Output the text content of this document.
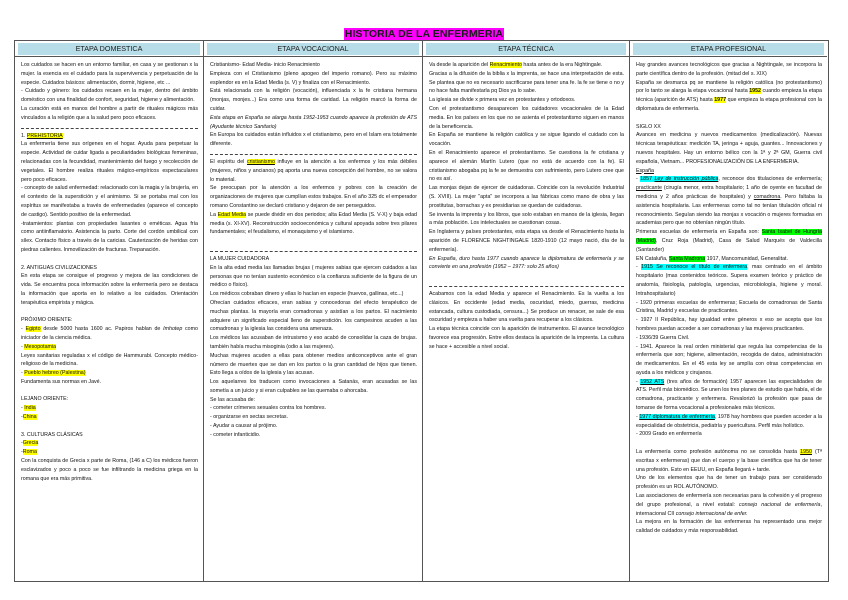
HISTORIA DE LA ENFERMERIA
ETAPA DOMESTICA
Los cuidados se hacen en un entorno familiar, en casa y se gestionan x la mujer. la esencia es el cuidado para la supervivencia y perpetuación de la especie. Cuidados básicos: alimentación, dormir, higiene, etc ...
- Cuidado y género: los cuidados recaen en la mujer, dentro del ámbito doméstico con una finalidad de confort, seguridad, higiene y alimentación.
La curación está en manos del hombre a partir de rituales mágicos más vinculados a la religión que a la salud pero poco eficaces.
1. PREHISTORIA
La enfermería tiene sus orígenes en el hogar. Ayuda para perpetuar la especie. Actividad de cuidar ligada a peculiaridades biológicas femeninas, relacionadas con la fecundidad, mantenimiento del fuego y recolección de vegetales. El hombre realiza rituales mágico-empíricos espectaculares pero poco eficaces.
- concepto de salud enfermedad: relacionado con la magia y la brujería, en el contexto de la superstición y el animismo. Si se portaba mal con los espíritus se manifestaba a través de enfermedades (aparece el concepto de castigo). Sentido positivo de la enfermedad.
-tratamientos: plantas con propiedades laxantes o eméticas. Agua fría como antiinflamatorio. Asistencia la parto. Corte del cordón umbilical con sílex. Contacto físico a través de la caricias. Cauterización de heridas con piedras calientes. Inmovilización de fracturas. Trepanación.
2. ANTIGUAS CIVILIZACIONES
En esta etapa se consigue el progreso y mejora de las condiciones de vida. Se encuentra poca información sobre la enfermería pero se destaca la información que aporta en lo relativo a los cuidados. Orientación terapéutica empirista y mágica.
PRÓXIMO ORIENTE:
- Egipto desde 5000 hasta 1600 ac. Papiros hablan de Imhotep como iniciador de la ciencia médica.
- Mesopotamia
Leyes sanitarias reguladas x el código de Hammurabi. Concepto médico- religioso de la medicina.
- Pueblo hebreo (Palestina)
Fundamenta sus normas en Javé.
LEJANO ORIENTE:
- India
-China
3. CULTURAS CLÁSICAS
-Grecia
-Roma
Con la conquista de Grecia x parte de Roma, (146 a C) los médicos fueron esclavizados y poco a poco se fue infiltrando la medicina griega en la romana que era más primitiva.
ETAPA VOCACIONAL
Cristianismo- Edad Media- inicio Renacimiento
Empieza con el Cristianismo (pleno apogeo del imperio romano). Pero su máximo esplendor es en la Edad Media (s. V) y finaliza con el Renacimiento.
Está relacionada con la religión (vocación), influenciada x la fe cristiana hermana (monjas, monjes...) Era como una forma de caridad. La religión marcó la forma de cuidar.
Esta etapa en España se alarga hasta 1952-1953 cuando aparece la profesión de ATS (Ayudante técnico Sanitario)
En Europa los cuidados están influidos x el cristianismo, pero en el Islam era totalmente diferente.
El espíritu del cristianismo influye en la atención a los enfermos y los más débiles (mujeres, niños y ancianos) pq aporta una nueva concepción del hombre, no se valora lo material.
Se preocupan por la atención a los enfermos y pobres con la creación de organizaciones de mujeres que cumplían estos trabajos. En el año 325 dc el emperador romano Constantino se declaró cristiano y dejaron de ser perseguidos.
La Edad Media se puede dividir en dos periodos; alta Edad Media (S. V-X) y baja edad media (s. XI-XV). Reconstrucción socioeconómica y cultural apoyada sobre tres pilares fundamentales; el feudalismo, el monaquismo y el islamismo.
LA MUJER CUIDADORA
En la alta edad media las llamadas brujas ( mujeres sabias que ejercen cuidados a las personas que no tenían sustento económico o la confianza suficiente de la figura de un médico o físico).
Los médicos cobraban dinero y ellas lo hacían en especie (huevos, gallinas, etc...)
Ofrecían cuidados eficaces, eran sabias y conocedoras del efecto terapéutico de muchas plantas. la mayoría eran comadronas y asistían a los partos. El nacimiento adquiere un significado especial lleno de superstición. los campesinos acuden a las comadronas y la iglesia las considera una amenaza.
Los médicos las acusaban de intrusismo y eso acabó de consolidar la caza de brujas. también había mucha misoginia (odio a las mujeres).
Muchas mujeres acuden a ellas para obtener medios anticonceptivos ante el gran número de muertes que se dan en los partos o la gran cantidad de hijos que tienen. Esto llega a oídos de la iglesia y las acusan.
Los aquelarres los traducen como invocaciones a Satanás, eran acusadas se las sometía a un juicio y si eran culpables se las quemaba o ahorcaba.
Se las acusaba de:
- cometer crímenes sexuales contra los hombres.
- organizarse en sectas secretas.
- Ayudar a causar al prójimo.
- cometer infanticidio.
ETAPA TÉCNICA
Va desde la aparición del Renacimiento hasta antes de la era Nightingale.
Gracias a la difusión de la biblia x la imprenta, se hace una interpretación de esta. Se plantea que no es necesario sacrificarse para tener una fe. la fe se tiene o no y no hace falta manifestarla pq Dios ya lo sabe.
La iglesia se divide x primera vez en protestantes y ortodoxos.
Con el protestantismo desaparecen los cuidadores vocacionales de la Edad media. En los países en los que no se asienta el protestantismo siguen en manos de la beneficencia.
En España se mantiene la religión católica y se sigue ligando el cuidado con la vocación.
En el Renacimiento aparece el protestantismo. Se cuestiona la fe cristiana y aparece el alemán Martín Lutero (que no está de acuerdo con la fe). El cristianismo abogaba pq la fe se demuestra con sufrimiento, pero Lutero cree que no es así.
Las monjas dejan de ejercer de cuidadoras. Coincide con la revolución Industrial (S. XVIII). La mujer "apta" se incorpora a las fábricas como mano de obra y las prostitutas, borrachas y ex presidiarias se quedan de cuidadoras.
Se inventa la imprenta y los libros, que solo estaban en manos de la iglesia, llegan a más población. Los intelectuales se cuestionan cosas.
En Inglaterra y países protestantes, esta etapa va desde el Renacimiento hasta la aparición de FLORENCE NIGHTINGALE 1820-1910 (12 mayo nació, día de la enfermería).
En España, duro hasta 1977 cuando aparece la diplomatura de enfermería y se convierte en una profesión (1952 – 1977: solo 25 años)
Acabamos con la edad Media y aparece el Renacimiento. Es la vuelta a los clásicos. En occidente (edad media, oscuridad, miedo, guerras, medicina estancada, cultura custodiada, censura...) Se produce un renacer, se sale de esa oscuridad y empieza a haber una vuelta para recuperar a los clásicos.
La etapa técnica coincide con la aparición de instrumentos. El avance tecnológico favorece esa progresión. Entre ellos destaca la aparición de la imprenta. La cultura se hace + accesible a nivel social.
ETAPA PROFESIONAL
Hay grandes avances tecnológicos que gracias a Nightingale, se incorpora la parte científica dentro de la profesión. (mitad del s. XIX)
España se desmarca pq se mantiene la religión católica (no protestantismo) por lo tanto se alarga la etapa vocacional hasta 1952 cuando empieza la etapa técnica (aparición de ATS) hasta 1977 que empieza la etapa profesional con la diplomatura de enfermería.
SIGLO XX
Avances en medicina y nuevos medicamentos (medicalización). Nuevas técnicas terapéuticas: medición TA, jeringa + aguja, guantes... Innovaciones y nuevos hospitales. Hay un entorno bélico con la 1ª y 2ª GM, Guerra civil española, Vietnam... PROFESIONALIZACIÓN DE LA ENFERMERIA.
España
- 1857 Ley de instrucción pública, reconoce dos titulaciones de enfermería; practicante (cirugía menor, extra hospitalario; 1 año de oyente en facultad de medicina y 2 años prácticas de hospitales) y comadrona. Pero faltaba la asistencia hospitalaria. Las enfermeras como tal no tenían titulación oficial ni reconocimiento. Seguían siendo las monjas x vocación o mujeres formadas en academias pero que no obtenían ningún título.
Primeras escuelas de enfermería en España son: Santa Isabel de Hungría (Madrid), Cruz Roja (Madrid), Casa de Salud Marqués de Valdecilla (Santander)
EN Cataluña, Santa Madrona 1917, Mancomunidad, Generalitat.
- 1915 Se reconoce el título de enfermera, mas centrado en el ámbito hospitalario (mas contenidos teóricos. Supera examen teórico y práctico de anatomía, fisiología, patología, urgencias, microbiología, higiene y moral. Intrahospitalario)
- 1920 primeras escuelas de enfermeras; Escuela de comadronas de Santa Cristina, Madrid y escuelas de practicantes.
- 1927 II República, hay igualdad entre géneros x eso se acepta que los hombres puedan acceder a ser comadronas y las mujeres practicantes.
- 1936/39 Guerra Civil.
- 1941. Aparece la real orden ministerial que regula las competencias de la enfermería que son; higiene, alimentación, recogida de datos, administración de medicamentos. En el 45 esta ley se amplía con otras competencias en ayuda a los médicos y cirujanos.
- 1952 ATS (tres años de formación) 1957 aparecen las especialidades de ATS. Perfil más biomédico. Se unen los tres planes de estudio que había, el de comadrona, practicante y enfermera. Revalorizó la profesión que pasa de tomarse de forma vocacional a profesionales más técnicos.
- 1977 diplomatura de enfermería, 1978 hay hombres que pueden acceder a la especialidad de obstetricia, pediatría y puericultura. Perfil más holístico.
- 2009 Grado en enfermería
La enfermería como profesión autónoma no se consolida hasta 1950 (Tª escritas x enfermeras) que dan el cuerpo y la base científica que ha de tener una profesión. Esto en EEUU, en España llegará + tarde.
Uno de los elementos que ha de tener un trabajo para ser considerado profesión es un ROL AUTÓNOMO.
Las asociaciones de enfermería son necesarias para la cohesión y el progreso del grupo profesional, a nivel estatal: consejo nacional de enfermería, internacional CII consejo internacional de enfer.
La mejora en la formación de las enfermeras ha representado una mejor calidad de cuidados y más responsabilidad.
